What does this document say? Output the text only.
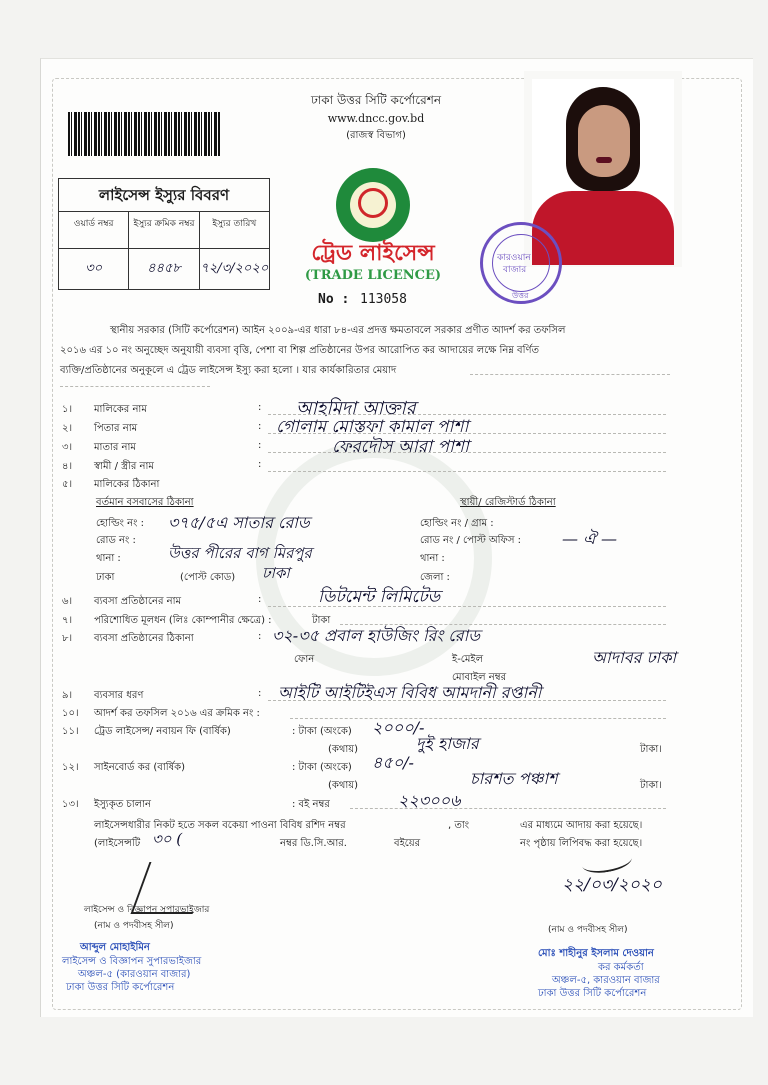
লাইসেন্স ইস্যুর বিবরণ
ওয়ার্ড নম্বর	ইস্যুর ক্রমিক নম্বর	ইস্যুর তারিখ
৩০	৪৪৫৮	৭২/৩/২০২০
ঢাকা উত্তর সিটি কর্পোরেশন
www.dncc.gov.bd
(রাজস্ব বিভাগ)
ট্রেড লাইসেন্স
(TRADE LICENCE)
No : 113058
কারওয়ান
বাজার
উত্তর
স্থানীয় সরকার (সিটি কর্পোরেশন) আইন ২০০৯-এর ধারা ৮৪-এর প্রদত্ত ক্ষমতাবলে সরকার প্রণীত আদর্শ কর তফসিল
২০১৬ এর ১০ নং অনুচ্ছেদ অনুযায়ী ব্যবসা বৃত্তি, পেশা বা শিল্প প্রতিষ্ঠানের উপর আরোপিত কর আদায়ের লক্ষে নিম্ন বর্ণিত
ব্যক্তি/প্রতিষ্ঠানের অনুকূলে এ ট্রেড লাইসেন্স ইস্যু করা হলো । যার কার্যকারিতার মেয়াদ
১। মালিকের নাম	: আহমিদা আক্তার
২। পিতার নাম	: গোলাম মোস্তফা কামাল পাশা
৩। মাতার নাম	:	ফেরদৌস আরা পাশা
৪। স্বামী / স্ত্রীর নাম	:
৫। মালিকের ঠিকানা
বর্তমান বসবাসের ঠিকানা	স্থায়ী/ রেজিস্টার্ড ঠিকানা
হোল্ডিং নং : ৩৭৫/৫এ সাতার রোড	হোল্ডিং নং / গ্রাম :
রোড নং :	রোড নং / পোস্ট অফিস :	— ঐ —
থানা :	উত্তর পীরের বাগ মিরপুর	থানা :
ঢাকা	(পোস্ট কোড) ঢাকা	জেলা :
৬। ব্যবসা প্রতিষ্ঠানের নাম	:	ডিটমেন্ট লিমিটেড
৭। পরিশোধিত মূলধন (লিঃ কোম্পানীর ক্ষেত্রে) :	টাকা
৮। ব্যবসা প্রতিষ্ঠানের ঠিকানা	: ৩২-৩৫ প্রবাল হাউজিং রিং রোড
আদাবর ঢাকা
ফোন	ই-মেইল
মোবাইল নম্বর
৯। ব্যবসার ধরণ	: আইটি আইটিইএস বিবিধ আমদানী রপ্তানী
১০। আদর্শ কর তফসিল ২০১৬ এর ক্রমিক নং :
১১। ট্রেড লাইসেন্স/ নবায়ন ফি (বার্ষিক)	: টাকা (অংকে) ২০০০/-
(কথায়)	দুই হাজার	টাকা।
১২। সাইনবোর্ড কর (বার্ষিক)	: টাকা (অংকে) ৪৫০/-
(কথায়)	চারশত পঞ্চাশ	টাকা।
১৩। ইস্যুকৃত চালান	: বই নম্বর	২২৩০০৬
লাইসেন্সধারীর নিকট হতে সকল বকেয়া পাওনা বিবিধ রশিদ নম্বর	, তাং	এর মাধ্যমে আদায় করা হয়েছে।
(লাইসেন্সটি ৩০ (	নম্বর ডি.সি.আর.	বইয়ের	নং পৃষ্ঠায় লিপিবদ্ধ করা হয়েছে।
২২/০৩/২০২০
লাইসেন্স ও বিজ্ঞাপন সুপারভাইজার
(নাম ও পদবীসহ সীল)
আব্দুল মোহাইমিন
লাইসেন্স ও বিজ্ঞাপন সুপারভাইজার
অঞ্চল-৫ (কারওয়ান বাজার)
ঢাকা উত্তর সিটি কর্পোরেশন
(নাম ও পদবীসহ সীল)
মোঃ শাহীনুর ইসলাম দেওয়ান
কর কর্মকর্তা
অঞ্চল-৫, কারওয়ান বাজার
ঢাকা উত্তর সিটি কর্পোরেশন
